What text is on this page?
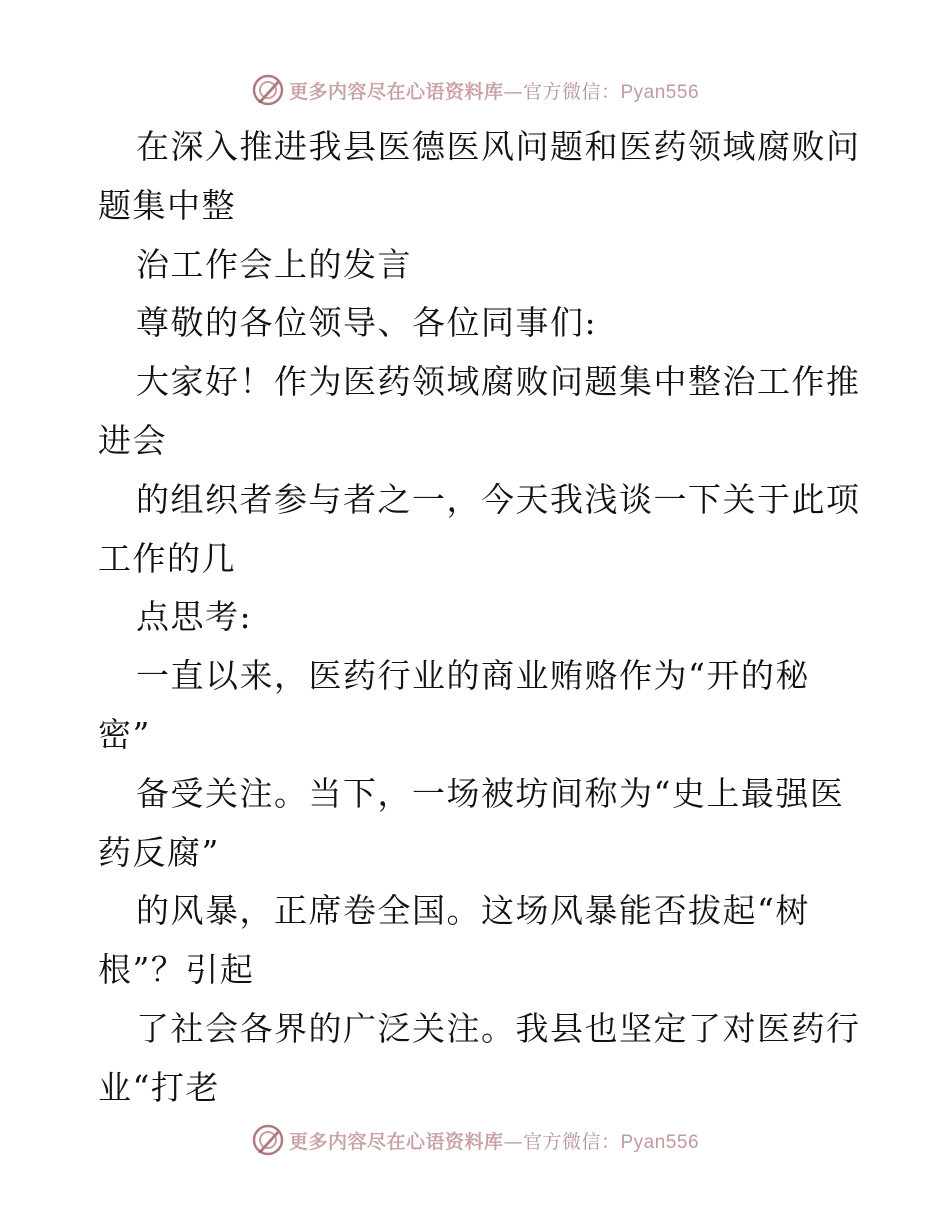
更多内容尽在心语资料库—官方微信：Pyan556
在深入推进我县医德医风问题和医药领域腐败问
题集中整
治工作会上的发言
尊敬的各位领导、各位同事们:
大家好！作为医药领域腐败问题集中整治工作推
进会
的组织者参与者之一，今天我浅谈一下关于此项
工作的几
点思考:
一直以来，医药行业的商业贿赂作为“开的秘
密”
备受关注。当下，一场被坊间称为“史上最强医
药反腐”
的风暴，正席卷全国。这场风暴能否拔起“树
根”？引起
了社会各界的广泛关注。我县也坚定了对医药行
业“打老
更多内容尽在心语资料库—官方微信：Pyan556
